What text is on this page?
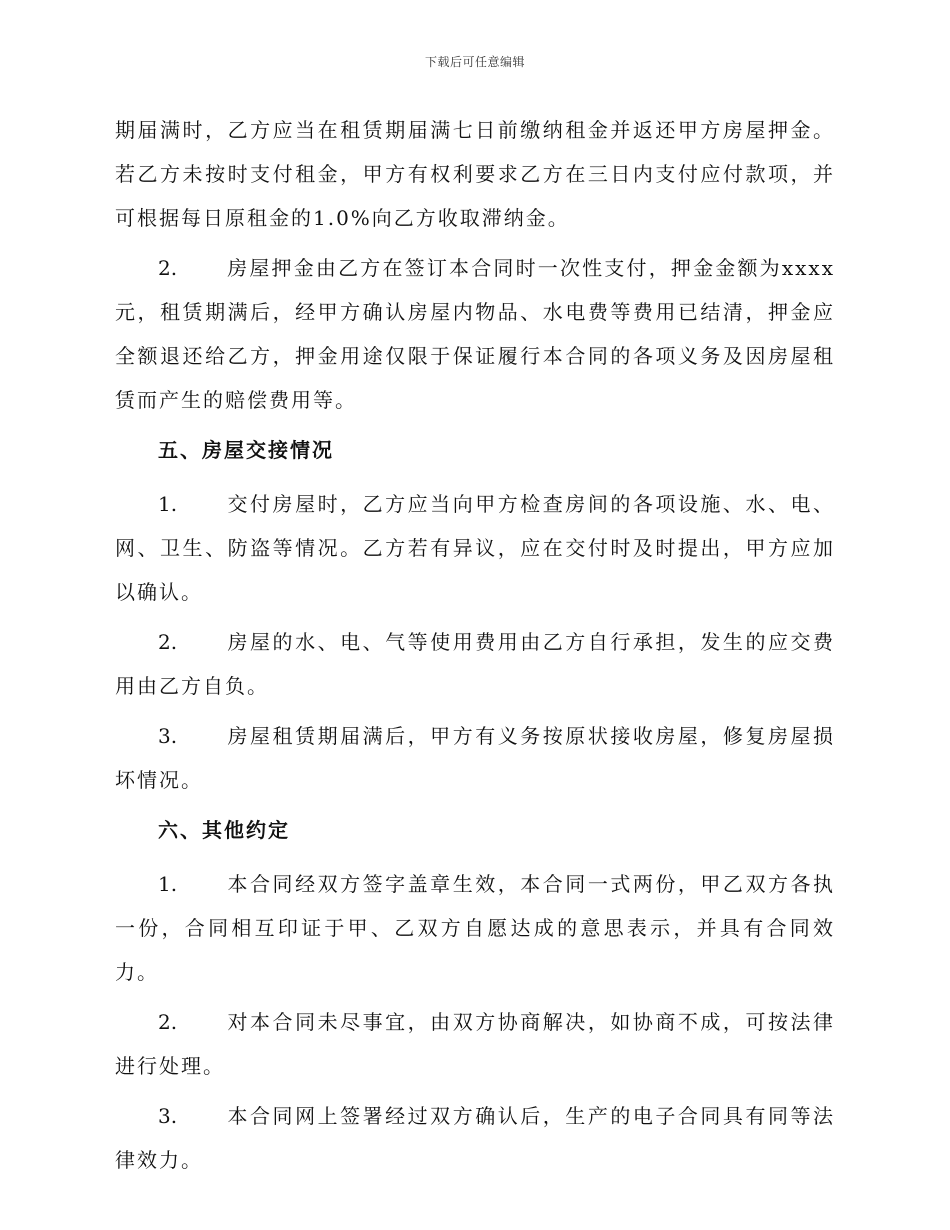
下载后可任意编辑

期届满时，乙方应当在租赁期届满七日前缴纳租金并返还甲方房屋押金。若乙方未按时支付租金，甲方有权利要求乙方在三日内支付应付款项，并可根据每日原租金的1.0%向乙方收取滞纳金。

2. 房屋押金由乙方在签订本合同时一次性支付，押金金额为xxxx元，租赁期满后，经甲方确认房屋内物品、水电费等费用已结清，押金应全额退还给乙方，押金用途仅限于保证履行本合同的各项义务及因房屋租赁而产生的赔偿费用等。

五、房屋交接情况

1. 交付房屋时，乙方应当向甲方检查房间的各项设施、水、电、网、卫生、防盗等情况。乙方若有异议，应在交付时及时提出，甲方应加以确认。

2. 房屋的水、电、气等使用费用由乙方自行承担，发生的应交费用由乙方自负。

3. 房屋租赁期届满后，甲方有义务按原状接收房屋，修复房屋损坏情况。

六、其他约定

1. 本合同经双方签字盖章生效，本合同一式两份，甲乙双方各执一份，合同相互印证于甲、乙双方自愿达成的意思表示，并具有合同效力。

2. 对本合同未尽事宜，由双方协商解决，如协商不成，可按法律进行处理。

3. 本合同网上签署经过双方确认后，生产的电子合同具有同等法律效力。
